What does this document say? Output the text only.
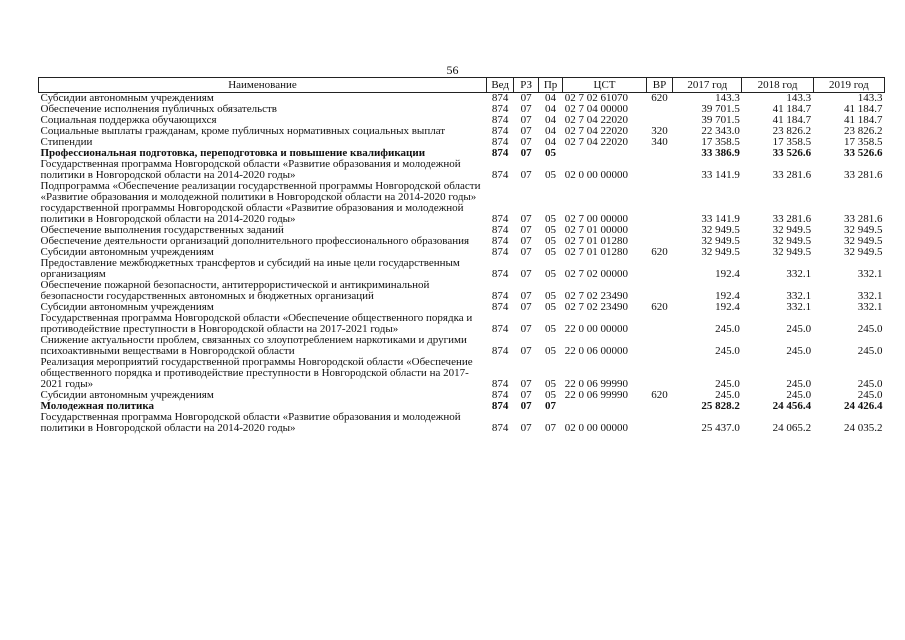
56
Наименование	Вед	РЗ	Пр	ЦСТ	ВР	2017 год	2018 год	2019 год
Субсидии автономным учреждениям	874	07	04	02 7 02 61070	620	143.3	143.3	143.3
Обеспечение исполнения публичных обязательств	874	07	04	02 7 04 00000		39 701.5	41 184.7	41 184.7
Социальная поддержка обучающихся	874	07	04	02 7 04 22020		39 701.5	41 184.7	41 184.7
Социальные выплаты гражданам, кроме публичных нормативных социальных выплат	874	07	04	02 7 04 22020	320	22 343.0	23 826.2	23 826.2
Стипендии	874	07	04	02 7 04 22020	340	17 358.5	17 358.5	17 358.5
Профессиональная подготовка, переподготовка и повышение квалификации	874	07	05			33 386.9	33 526.6	33 526.6
Государственная программа Новгородской области «Развитие образования и молодежной политики в Новгородской области на 2014-2020 годы»	874	07	05	02 0 00 00000		33 141.9	33 281.6	33 281.6
Подпрограмма «Обеспечение реализации государственной программы Новгородской области «Развитие образования и молодежной политики в Новгородской области на 2014-2020 годы» государственной программы Новгородской области «Развитие образования и молодежной политики в Новгородской области на 2014-2020 годы»	874	07	05	02 7 00 00000		33 141.9	33 281.6	33 281.6
Обеспечение выполнения государственных заданий	874	07	05	02 7 01 00000		32 949.5	32 949.5	32 949.5
Обеспечение деятельности организаций дополнительного профессионального образования	874	07	05	02 7 01 01280		32 949.5	32 949.5	32 949.5
Субсидии автономным учреждениям	874	07	05	02 7 01 01280	620	32 949.5	32 949.5	32 949.5
Предоставление межбюджетных трансфертов и субсидий на иные цели государственным организациям	874	07	05	02 7 02 00000		192.4	332.1	332.1
Обеспечение пожарной безопасности, антитеррористической и антикриминальной безопасности государственных автономных и бюджетных организаций	874	07	05	02 7 02 23490		192.4	332.1	332.1
Субсидии автономным учреждениям	874	07	05	02 7 02 23490	620	192.4	332.1	332.1
Государственная программа Новгородской области «Обеспечение общественного порядка и противодействие преступности в Новгородской области на 2017-2021 годы»	874	07	05	22 0 00 00000		245.0	245.0	245.0
Снижение актуальности проблем, связанных со злоупотреблением наркотиками и другими психоактивными веществами в Новгородской области	874	07	05	22 0 06 00000		245.0	245.0	245.0
Реализация мероприятий государственной программы Новгородской области «Обеспечение общественного порядка и противодействие преступности в Новгородской области на 2017-2021 годы»	874	07	05	22 0 06 99990		245.0	245.0	245.0
Субсидии автономным учреждениям	874	07	05	22 0 06 99990	620	245.0	245.0	245.0
Молодежная политика	874	07	07			25 828.2	24 456.4	24 426.4
Государственная программа Новгородской области «Развитие образования и молодежной политики в Новгородской области на 2014-2020 годы»	874	07	07	02 0 00 00000		25 437.0	24 065.2	24 035.2
